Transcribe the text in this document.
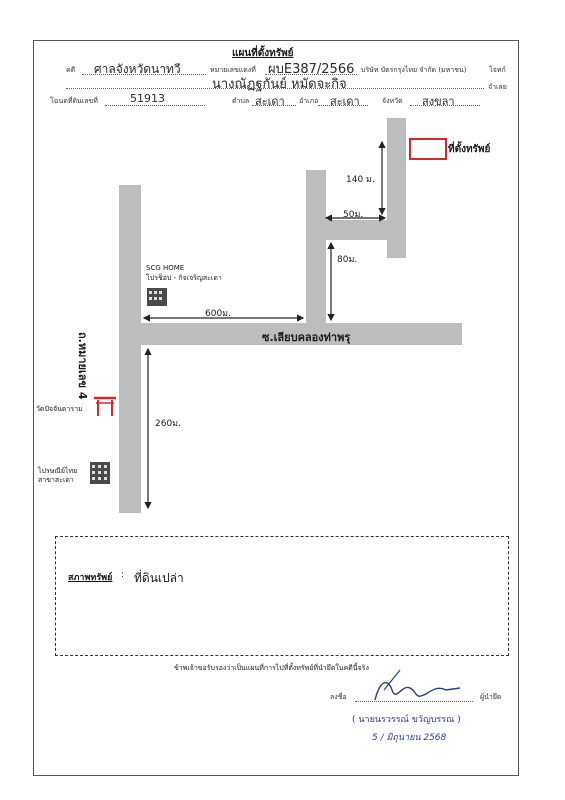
แผนที่ตั้งทรัพย์
คดี ศาลจังหวัดนาทวี	หมายเลขแดงที่ ผบE387/2566 บริษัท บัตรกรุงไทย จำกัด (มหาชน)	โจทก์
นางณัฏฐกันย์ หมัดจะกิจ	จำเลย
โฉนดที่ดินเลขที่	51913	ตำบล สะเดา อำเภอ สะเดา	จังหวัด สงขลา
ซ.เลียบคลองท่าพรุ
ถ.หมายเลข 4
140 ม.
50ม.
80ม.
600ม.
260ม.
ที่ตั้งทรัพย์
SCG HOME
โปรช็อป - กิจเจริญสะเดา
วัดปัจจันตาราม
ไปรษณีย์ไทย
สาขาสะเดา
สภาพทรัพย์ : ที่ดินเปล่า
ข้าพเจ้าขอรับรองว่าเป็นแผนที่การไปที่ตั้งทรัพย์ที่นำยึดในคดีนี้จริง
ลงชื่อ	ผู้นำยึด
( นายนรวรรณ์ ขวัญบรรณ )
5 / มิถุนายน 2568
